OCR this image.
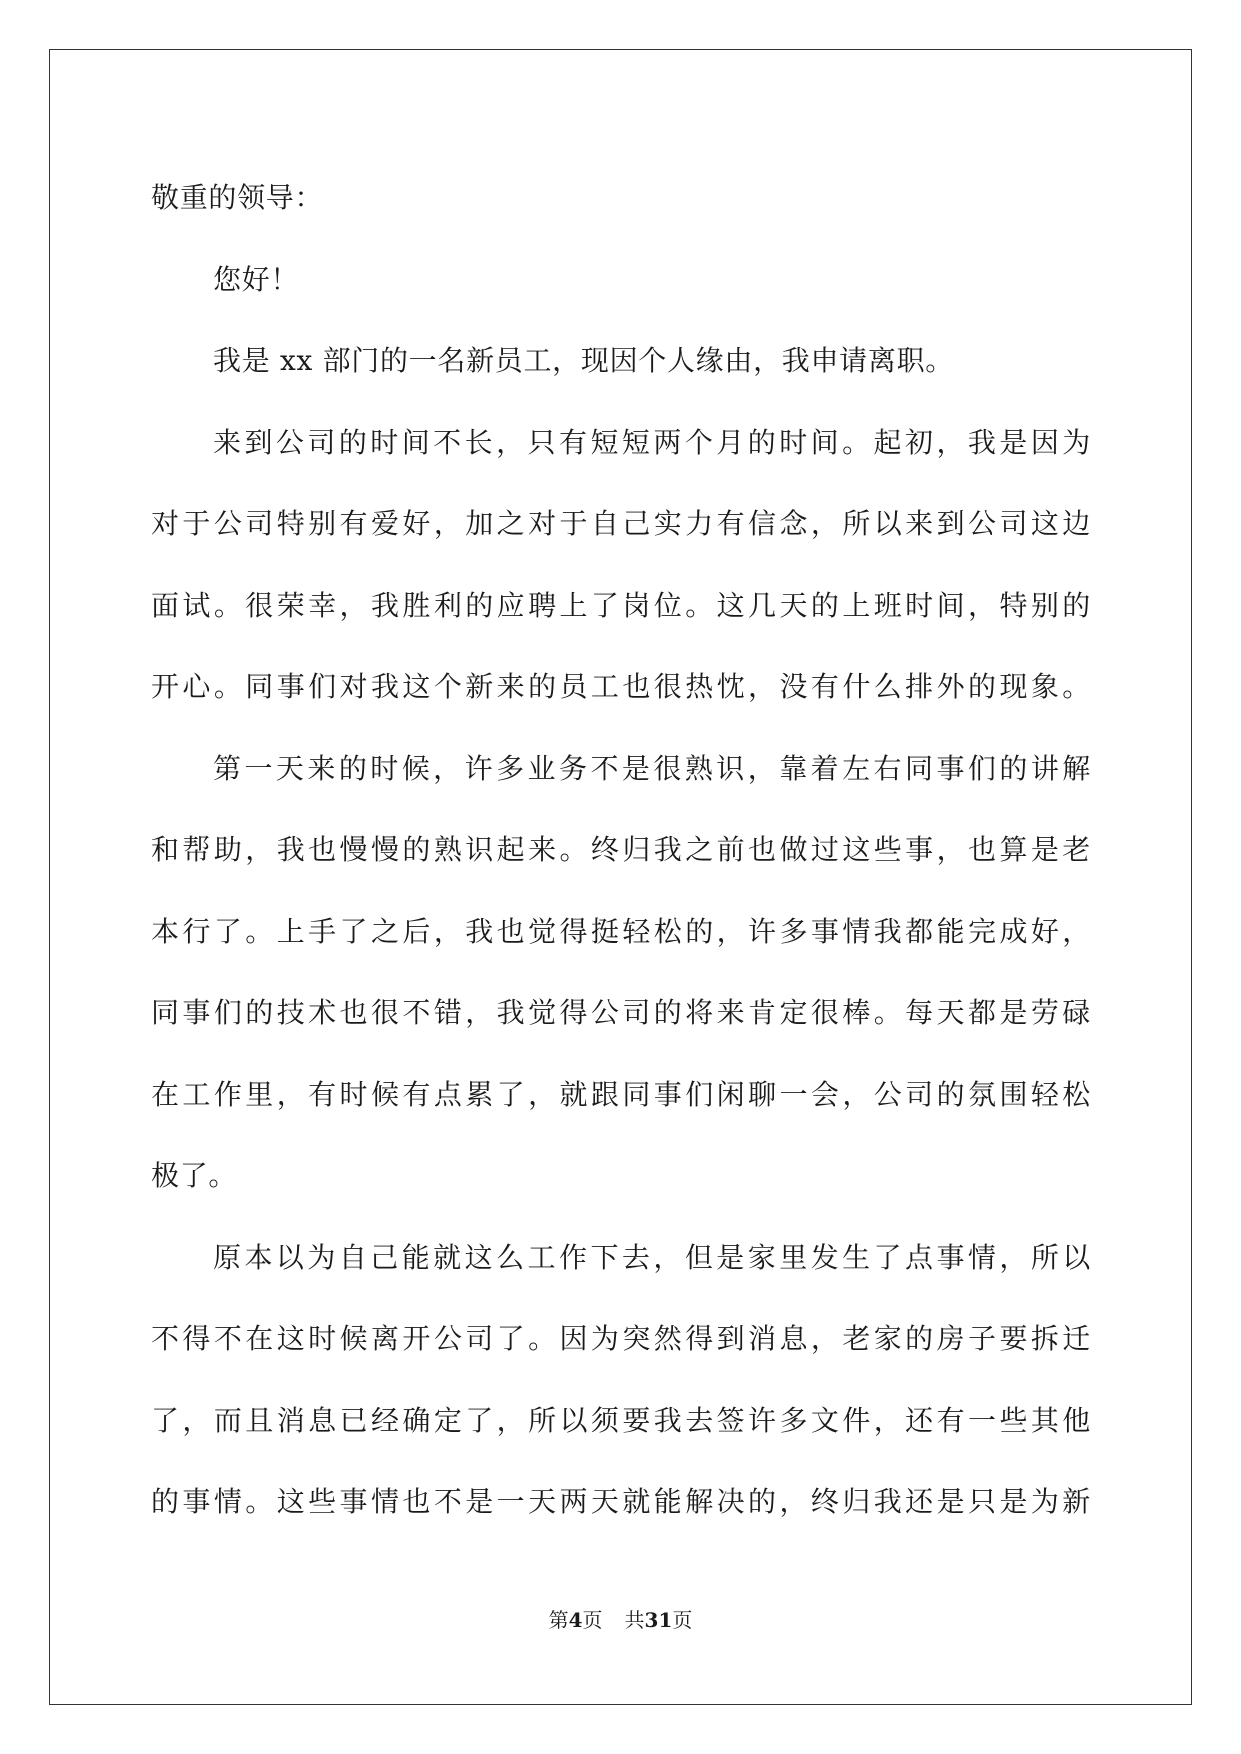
敬重的领导：
您好！
我是 xx 部门的一名新员工，现因个人缘由，我申请离职。
来到公司的时间不长，只有短短两个月的时间。起初，我是因为
对于公司特别有爱好，加之对于自己实力有信念，所以来到公司这边
面试。很荣幸，我胜利的应聘上了岗位。这几天的上班时间，特别的
开心。同事们对我这个新来的员工也很热忱，没有什么排外的现象。
第一天来的时候，许多业务不是很熟识，靠着左右同事们的讲解
和帮助，我也慢慢的熟识起来。终归我之前也做过这些事，也算是老
本行了。上手了之后，我也觉得挺轻松的，许多事情我都能完成好，
同事们的技术也很不错，我觉得公司的将来肯定很棒。每天都是劳碌
在工作里，有时候有点累了，就跟同事们闲聊一会，公司的氛围轻松
极了。
原本以为自己能就这么工作下去，但是家里发生了点事情，所以
不得不在这时候离开公司了。因为突然得到消息，老家的房子要拆迁
了，而且消息已经确定了，所以须要我去签许多文件，还有一些其他
的事情。这些事情也不是一天两天就能解决的，终归我还是只是为新
第4页 共31页
